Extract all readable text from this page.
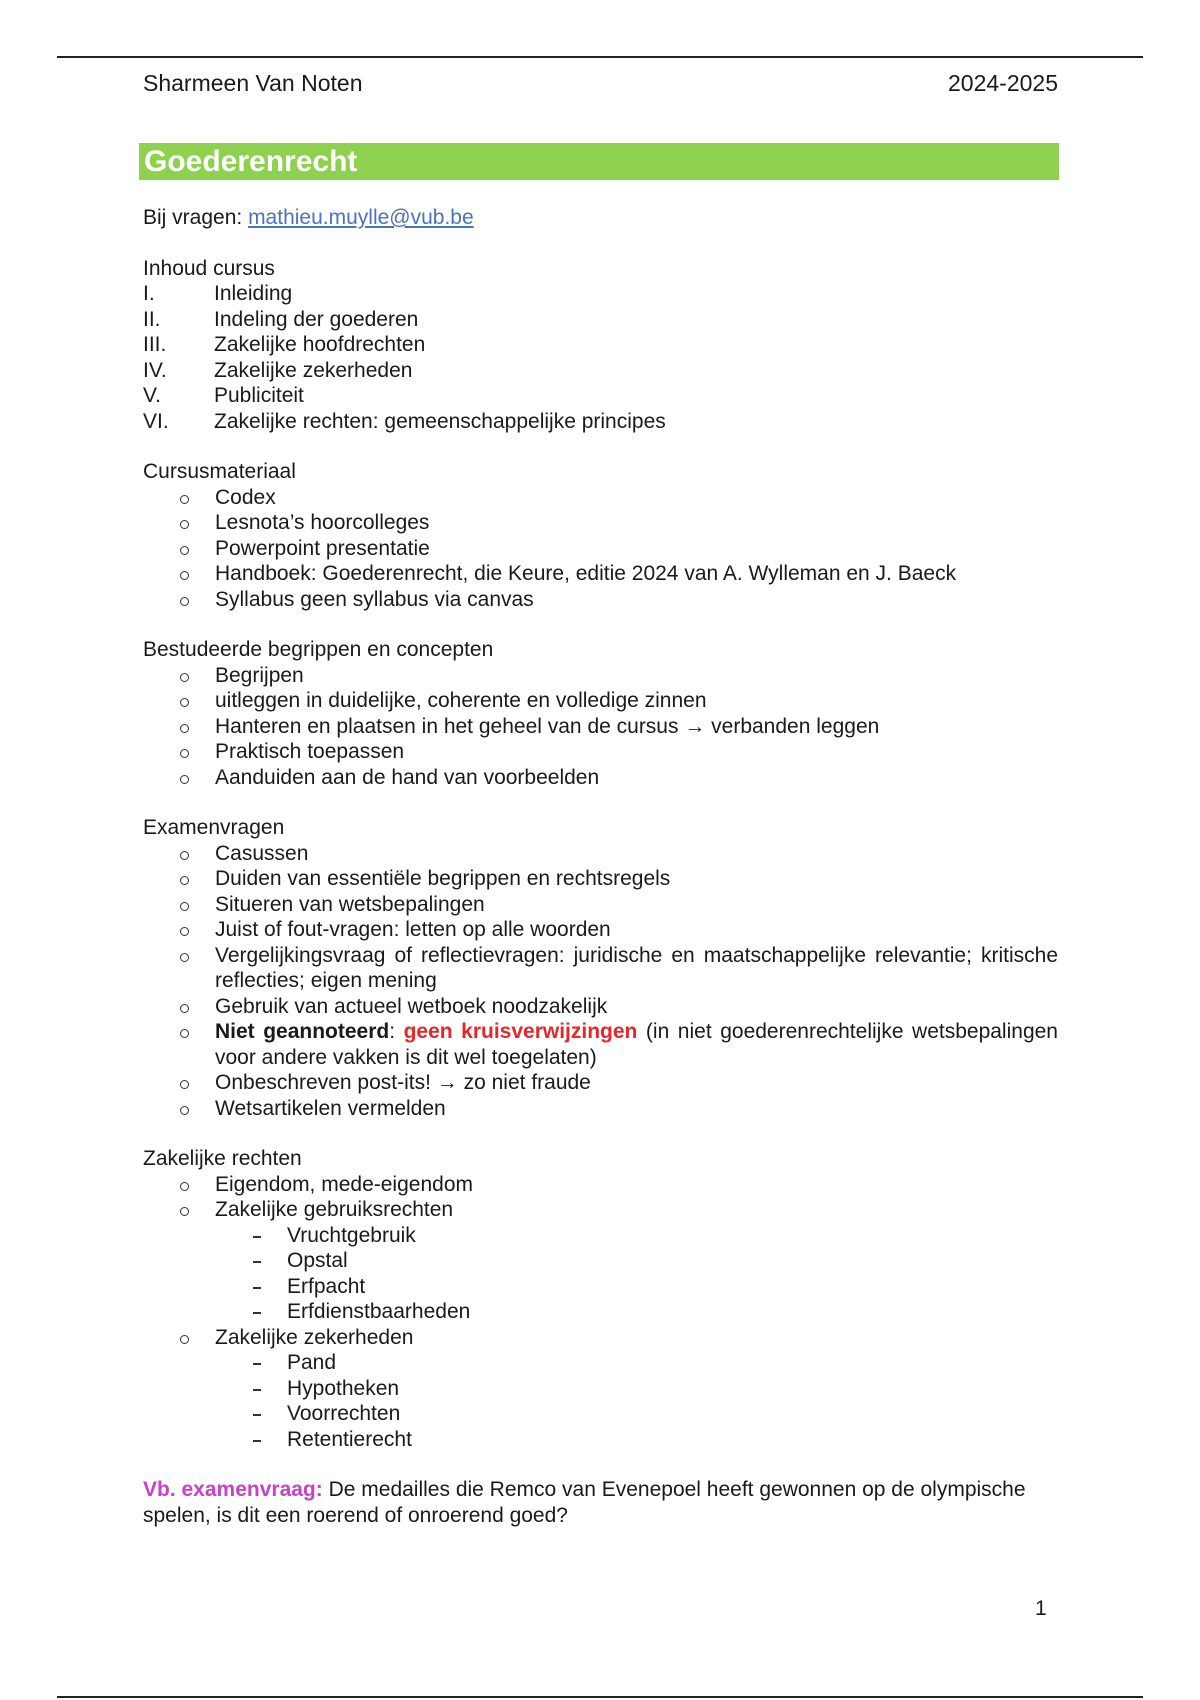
Sharmeen Van Noten	2024-2025
Goederenrecht

Bij vragen: mathieu.muylle@vub.be

Inhoud cursus

I.	Inleiding
II.	Indeling der goederen
III.	Zakelijke hoofdrechten
IV.	Zakelijke zekerheden
V.	Publiciteit
VI.	Zakelijke rechten: gemeenschappelijke principes

Cursusmateriaal

Codex
Lesnota’s hoorcolleges
Powerpoint presentatie
Handboek: Goederenrecht, die Keure, editie 2024 van A. Wylleman en J. Baeck
Syllabus geen syllabus via canvas

Bestudeerde begrippen en concepten

Begrijpen
uitleggen in duidelijke, coherente en volledige zinnen
Hanteren en plaatsen in het geheel van de cursus → verbanden leggen
Praktisch toepassen
Aanduiden aan de hand van voorbeelden

Examenvragen

Casussen
Duiden van essentiële begrippen en rechtsregels
Situeren van wetsbepalingen
Juist of fout-vragen: letten op alle woorden
Vergelijkingsvraag of reflectievragen: juridische en maatschappelijke relevantie; kritische reflecties; eigen mening
Gebruik van actueel wetboek noodzakelijk
Niet geannoteerd: geen kruisverwijzingen (in niet goederenrechtelijke wetsbepalingen voor andere vakken is dit wel toegelaten)
Onbeschreven post-its! → zo niet fraude
Wetsartikelen vermelden

Zakelijke rechten

Eigendom, mede-eigendom
Zakelijke gebruiksrechten
Vruchtgebruik
Opstal
Erfpacht
Erfdienstbaarheden
Zakelijke zekerheden
Pand
Hypotheken
Voorrechten
Retentierecht

Vb. examenvraag: De medailles die Remco van Evenepoel heeft gewonnen op de olympische spelen, is dit een roerend of onroerend goed?

1
